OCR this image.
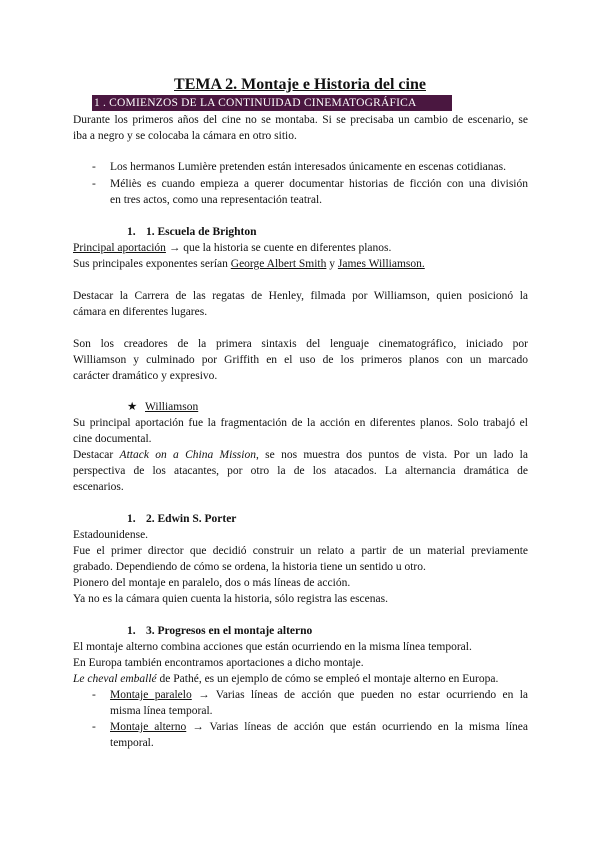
TEMA 2. Montaje e Historia del cine
1 . COMIENZOS DE LA CONTINUIDAD CINEMATOGRÁFICA
Durante los primeros años del cine no se montaba. Si se precisaba un cambio de escenario, se
iba a negro y se colocaba la cámara en otro sitio.
- Los hermanos Lumière pretenden están interesados únicamente en escenas cotidianas.
- Méliès es cuando empieza a querer documentar historias de ficción con una división
en tres actos, como una representación teatral.
1. 1. Escuela de Brighton
Principal aportación → que la historia se cuente en diferentes planos.
Sus principales exponentes serían George Albert Smith y James Williamson.
Destacar la Carrera de las regatas de Henley, filmada por Williamson, quien posicionó la
cámara en diferentes lugares.
Son los creadores de la primera sintaxis del lenguaje cinematográfico, iniciado por
Williamson y culminado por Griffith en el uso de los primeros planos con un marcado
carácter dramático y expresivo.
★ Williamson
Su principal aportación fue la fragmentación de la acción en diferentes planos. Solo trabajó el
cine documental.
Destacar Attack on a China Mission, se nos muestra dos puntos de vista. Por un lado la
perspectiva de los atacantes, por otro la de los atacados. La alternancia dramática de
escenarios.
1. 2. Edwin S. Porter
Estadounidense.
Fue el primer director que decidió construir un relato a partir de un material previamente
grabado. Dependiendo de cómo se ordena, la historia tiene un sentido u otro.
Pionero del montaje en paralelo, dos o más líneas de acción.
Ya no es la cámara quien cuenta la historia, sólo registra las escenas.
1. 3. Progresos en el montaje alterno
El montaje alterno combina acciones que están ocurriendo en la misma línea temporal.
En Europa también encontramos aportaciones a dicho montaje.
Le cheval emballé de Pathé, es un ejemplo de cómo se empleó el montaje alterno en Europa.
- Montaje paralelo → Varias líneas de acción que pueden no estar ocurriendo en la
misma línea temporal.
- Montaje alterno → Varias líneas de acción que están ocurriendo en la misma línea
temporal.
